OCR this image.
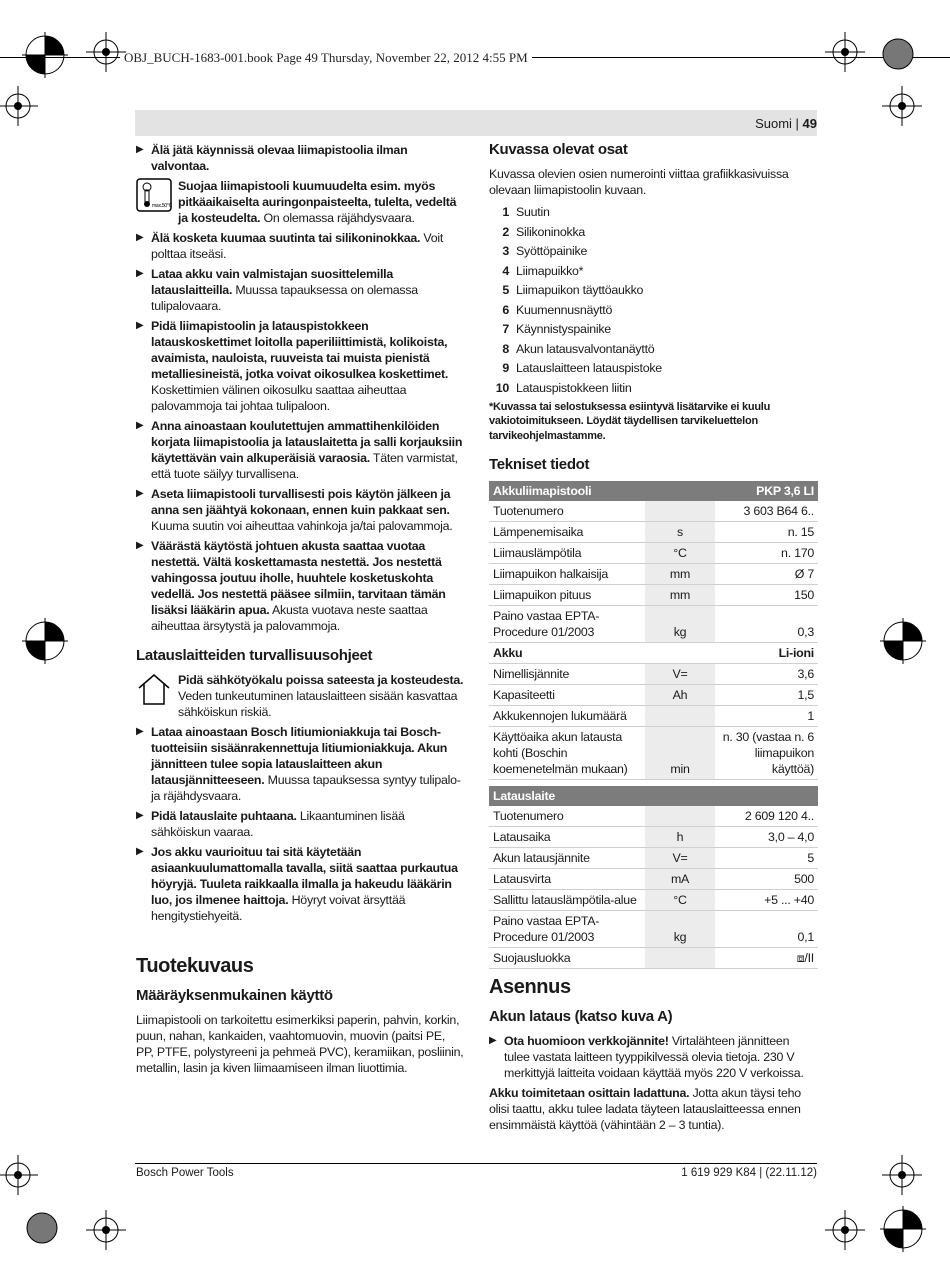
OBJ_BUCH-1683-001.book Page 49 Thursday, November 22, 2012 4:55 PM
Suomi | 49
▶ Älä jätä käynnissä olevaa liimapistoolia ilman valvontaa.
max.50°C
Suojaa liimapistooli kuumuudelta esim. myös pitkäaikaiselta auringonpaisteelta, tulelta, vedeltä ja kosteudelta. On olemassa räjähdysvaara.
▶ Älä kosketa kuumaa suutinta tai silikoninokkaa. Voit polttaa itseäsi.
▶ Lataa akku vain valmistajan suosittelemilla latauslaitteilla. Muussa tapauksessa on olemassa tulipalovaara.
▶ Pidä liimapistoolin ja latauspistokkeen latauskoskettimet loitolla paperiliittimistä, kolikoista, avaimista, nauloista, ruuveista tai muista pienistä metalliesineistä, jotka voivat oikosulkea koskettimet. Koskettimien välinen oikosulku saattaa aiheuttaa palovammoja tai johtaa tulipaloon.
▶ Anna ainoastaan koulutettujen ammattihenkilöiden korjata liimapistoolia ja latauslaitetta ja salli korjauksiin käytettävän vain alkuperäisiä varaosia. Täten varmistat, että tuote säilyy turvallisena.
▶ Aseta liimapistooli turvallisesti pois käytön jälkeen ja anna sen jäähtyä kokonaan, ennen kuin pakkaat sen. Kuuma suutin voi aiheuttaa vahinkoja ja/tai palovammoja.
▶ Väärästä käytöstä johtuen akusta saattaa vuotaa nestettä. Vältä koskettamasta nestettä. Jos nestettä vahingossa joutuu iholle, huuhtele kosketuskohta vedellä. Jos nestettä pääsee silmiin, tarvitaan tämän lisäksi lääkärin apua. Akusta vuotava neste saattaa aiheuttaa ärsytystä ja palovammoja.
Latauslaitteiden turvallisuusohjeet
Pidä sähkötyökalu poissa sateesta ja kosteudesta. Veden tunkeutuminen latauslaitteen sisään kasvattaa sähköiskun riskiä.
▶ Lataa ainoastaan Bosch litiumioniakkuja tai Bosch-tuotteisiin sisäänrakennettuja litiumioniakkuja. Akun jännitteen tulee sopia latauslaitteen akun latausjännitteeseen. Muussa tapauksessa syntyy tulipalo- ja räjähdysvaara.
▶ Pidä latauslaite puhtaana. Likaantuminen lisää sähköiskun vaaraa.
▶ Jos akku vaurioituu tai sitä käytetään asiaankuulumattomalla tavalla, siitä saattaa purkautua höyryjä. Tuuleta raikkaalla ilmalla ja hakeudu lääkärin luo, jos ilmenee haittoja. Höyryt voivat ärsyttää hengitystiehyeitä.
Tuotekuvaus
Määräyksenmukainen käyttö

Liimapistooli on tarkoitettu esimerkiksi paperin, pahvin, korkin, puun, nahan, kankaiden, vaahtomuovin, muovin (paitsi PE, PP, PTFE, polystyreeni ja pehmeä PVC), keramiikan, posliinin, metallin, lasin ja kiven liimaamiseen ilman liuottimia.

Kuvassa olevat osat

Kuvassa olevien osien numerointi viittaa grafiikkasivuissa olevaan liimapistoolin kuvaan.

1 Suutin
2 Silikoninokka
3 Syöttöpainike
4 Liimapuikko*
5 Liimapuikon täyttöaukko
6 Kuumennusnäyttö
7 Käynnistyspainike
8 Akun latausvalvontanäyttö
9 Latauslaitteen latauspistoke
10 Latauspistokkeen liitin
*Kuvassa tai selostuksessa esiintyvä lisätarvike ei kuulu vakiotoimitukseen. Löydät täydellisen tarvikeluettelon tarvikeohjelmastamme.
Tekniset tiedot
Akkuliimapistooli		PKP 3,6 LI
Tuotenumero		3 603 B64 6..
Lämpenemisaika	s	n. 15
Liimauslämpötila	°C	n. 170
Liimapuikon halkaisija	mm	Ø 7
Liimapuikon pituus	mm	150
Paino vastaa EPTA-Procedure 01/2003	kg	0,3
Akku		Li-ioni
Nimellisjännite	V=	3,6
Kapasiteetti	Ah	1,5
Akkukennojen lukumäärä		1
Käyttöaika akun latausta kohti (Boschin koemenetelmän mukaan)	min	n. 30 (vastaa n. 6 liimapuikon käyttöä)

Latauslaite		
Tuotenumero		2 609 120 4..
Latausaika	h	3,0 – 4,0
Akun latausjännite	V=	5
Latausvirta	mA	500
Sallittu latauslämpötila-alue	°C	+5 ... +40
Paino vastaa EPTA-Procedure 01/2003	kg	0,1
Suojausluokka		⧈/II
Asennus
Akun lataus (katso kuva A)
▶ Ota huomioon verkkojännite! Virtalähteen jännitteen tulee vastata laitteen tyyppikilvessä olevia tietoja. 230 V merkittyjä laitteita voidaan käyttää myös 220 V verkoissa.

Akku toimitetaan osittain ladattuna. Jotta akun täysi teho olisi taattu, akku tulee ladata täyteen latauslaitteessa ennen ensimmäistä käyttöä (vähintään 2 – 3 tuntia).

Bosch Power Tools	1 619 929 K84 | (22.11.12)
